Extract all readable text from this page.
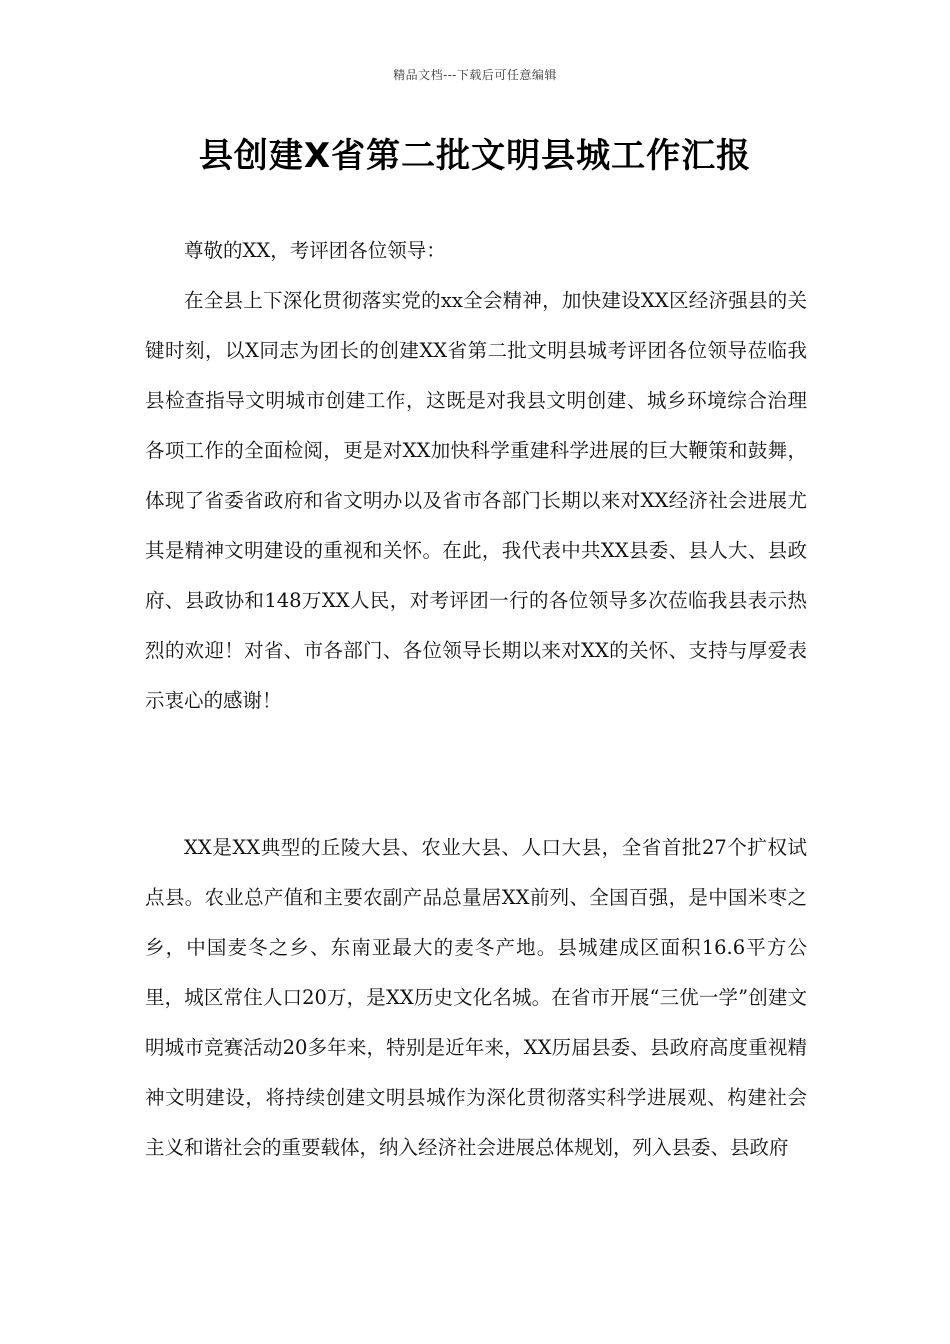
精品文档---下载后可任意编辑
县创建X省第二批文明县城工作汇报

尊敬的XX，考评团各位领导：

在全县上下深化贯彻落实党的xx全会精神，加快建设XX区经济强县的关键时刻，以X同志为团长的创建XX省第二批文明县城考评团各位领导莅临我县检查指导文明城市创建工作，这既是对我县文明创建、城乡环境综合治理各项工作的全面检阅，更是对XX加快科学重建科学进展的巨大鞭策和鼓舞，体现了省委省政府和省文明办以及省市各部门长期以来对XX经济社会进展尤其是精神文明建设的重视和关怀。在此，我代表中共XX县委、县人大、县政府、县政协和148万XX人民，对考评团一行的各位领导多次莅临我县表示热烈的欢迎！对省、市各部门、各位领导长期以来对XX的关怀、支持与厚爱表示衷心的感谢！

XX是XX典型的丘陵大县、农业大县、人口大县，全省首批27个扩权试点县。农业总产值和主要农副产品总量居XX前列、全国百强，是中国米枣之乡，中国麦冬之乡、东南亚最大的麦冬产地。县城建成区面积16.6平方公里，城区常住人口20万，是XX历史文化名城。在省市开展“三优一学”创建文明城市竞赛活动20多年来，特别是近年来，XX历届县委、县政府高度重视精神文明建设，将持续创建文明县城作为深化贯彻落实科学进展观、构建社会主义和谐社会的重要载体，纳入经济社会进展总体规划，列入县委、县政府
